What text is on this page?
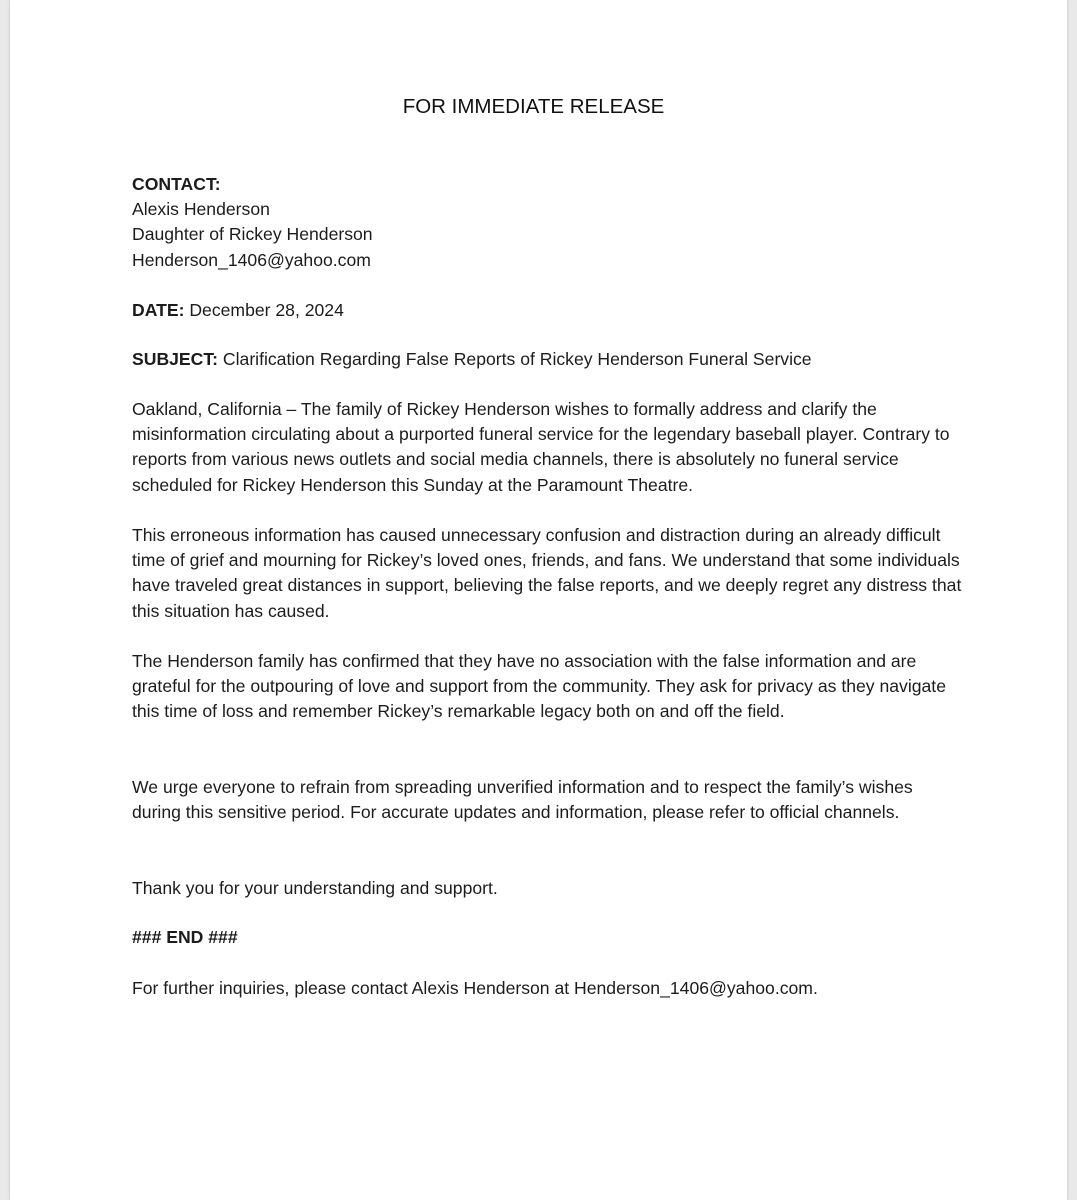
FOR IMMEDIATE RELEASE

CONTACT:

Alexis Henderson

Daughter of Rickey Henderson

Henderson_1406@yahoo.com

DATE: December 28, 2024

SUBJECT: Clarification Regarding False Reports of Rickey Henderson Funeral Service

Oakland, California – The family of Rickey Henderson wishes to formally address and clarify the misinformation circulating about a purported funeral service for the legendary baseball player. Contrary to reports from various news outlets and social media channels, there is absolutely no funeral service scheduled for Rickey Henderson this Sunday at the Paramount Theatre.

This erroneous information has caused unnecessary confusion and distraction during an already difficult time of grief and mourning for Rickey’s loved ones, friends, and fans. We understand that some individuals have traveled great distances in support, believing the false reports, and we deeply regret any distress that this situation has caused.

The Henderson family has confirmed that they have no association with the false information and are grateful for the outpouring of love and support from the community. They ask for privacy as they navigate this time of loss and remember Rickey’s remarkable legacy both on and off the field.

We urge everyone to refrain from spreading unverified information and to respect the family’s wishes during this sensitive period. For accurate updates and information, please refer to official channels.

Thank you for your understanding and support.

### END ###

For further inquiries, please contact Alexis Henderson at Henderson_1406@yahoo.com.
